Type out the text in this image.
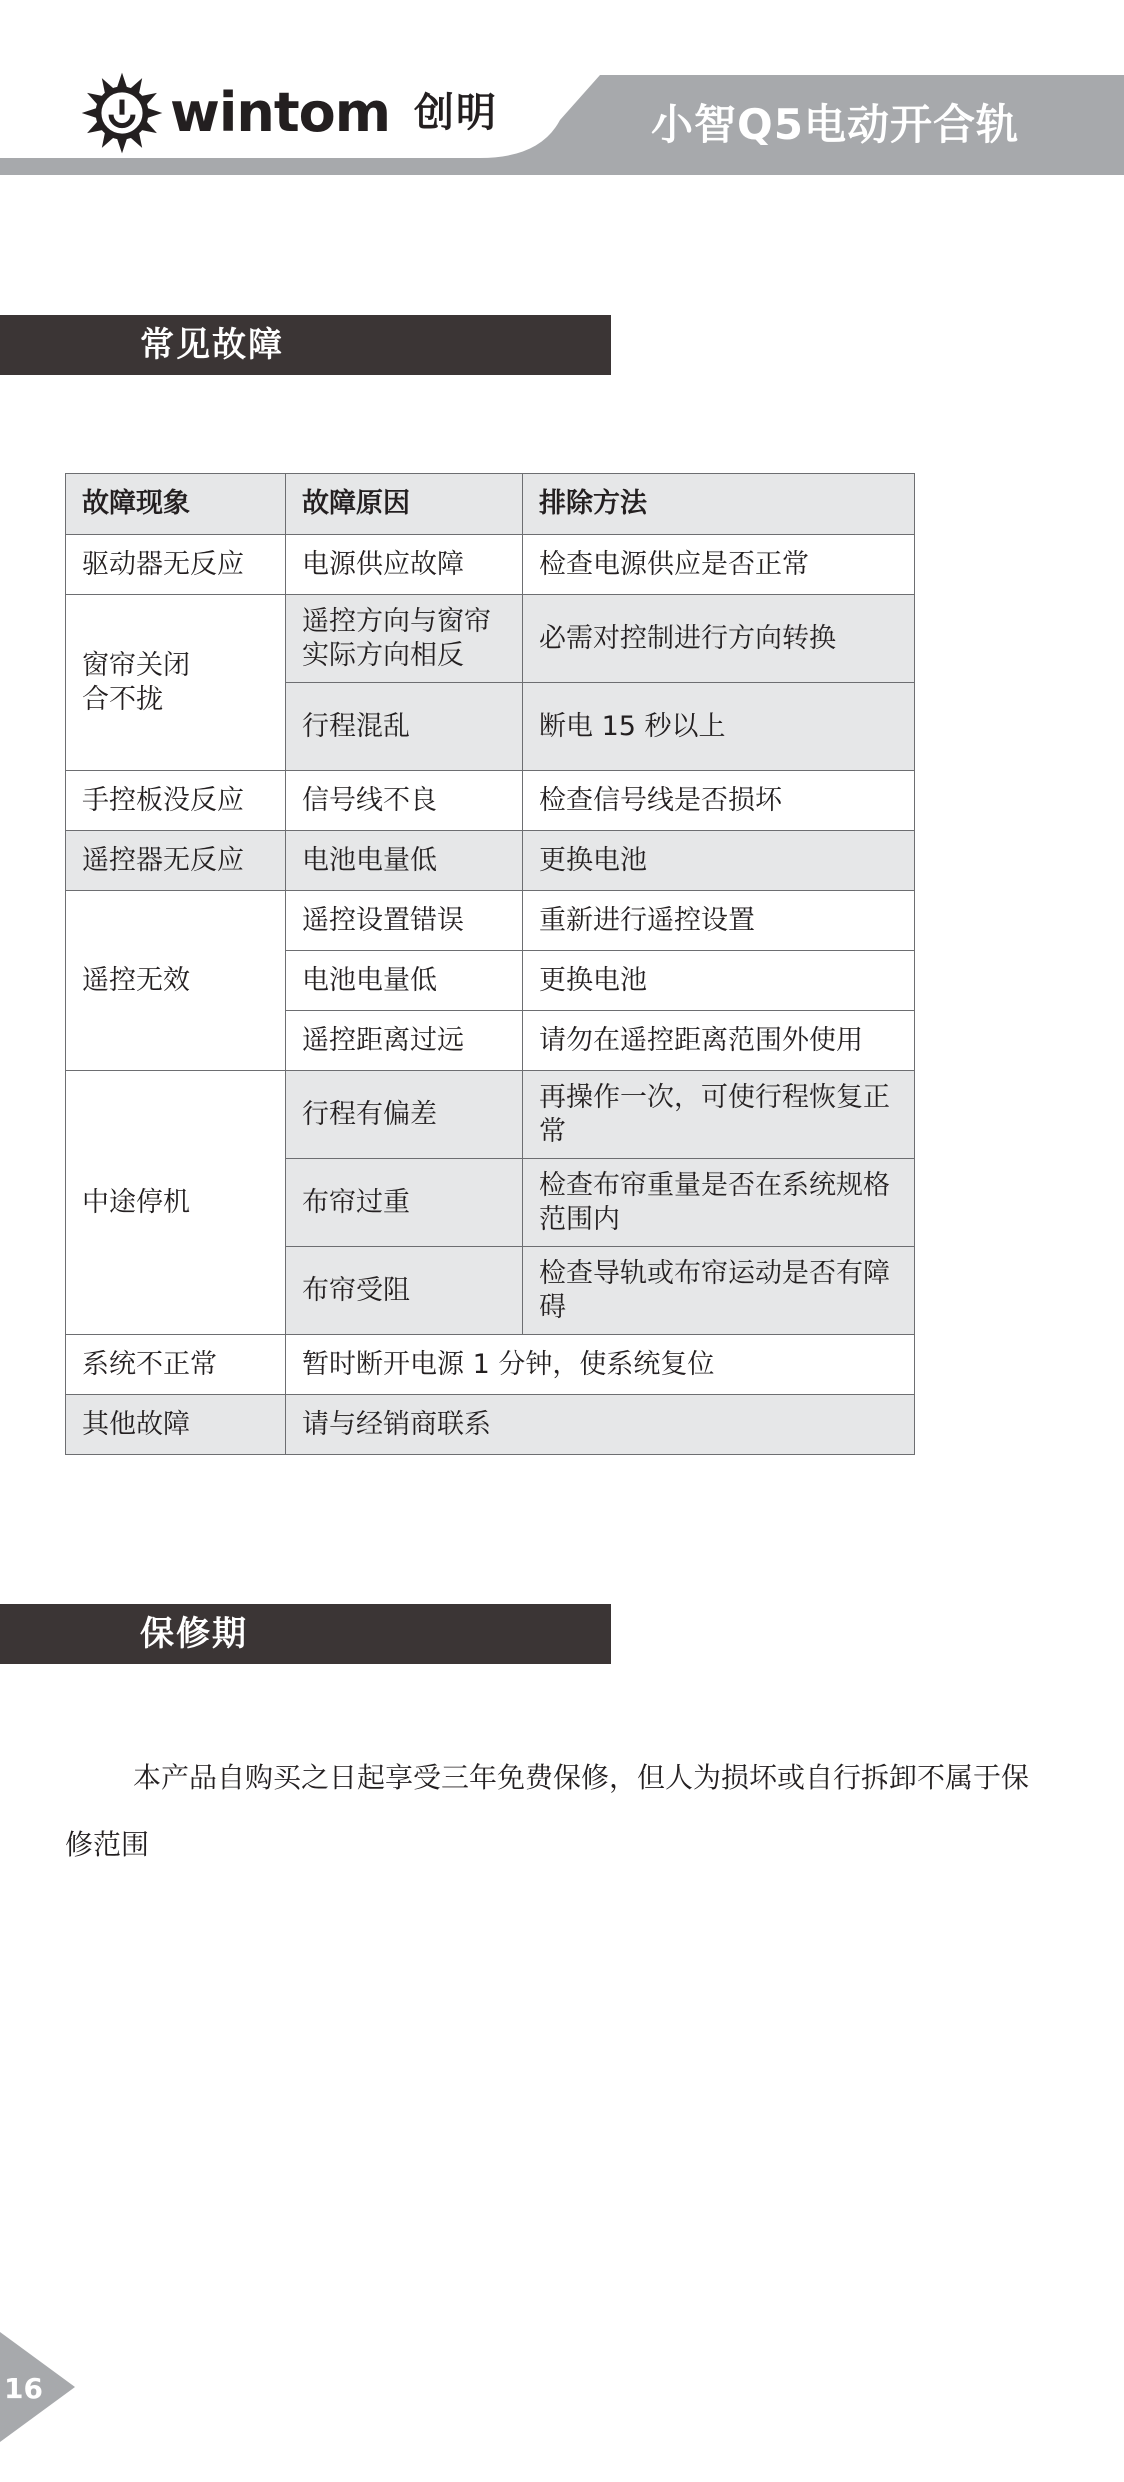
wintom 创明	小智Q5电动开合轨
常见故障
故障现象	故障原因	排除方法
驱动器无反应	电源供应故障	检查电源供应是否正常

窗帘关闭合不拢	遥控方向与窗帘实际方向相反	必需对控制进行方向转换
	行程混乱	断电 15 秒以上
手控板没反应	信号线不良	检查信号线是否损坏
遥控器无反应	电池电量低	更换电池
遥控无效	遥控设置错误	重新进行遥控设置
	电池电量低	更换电池
	遥控距离过远	请勿在遥控距离范围外使用
中途停机	行程有偏差	再操作一次，可使行程恢复正常
	布帘过重	检查布帘重量是否在系统规格范围内
	布帘受阻	检查导轨或布帘运动是否有障碍
系统不正常	暂时断开电源 1 分钟，使系统复位	
其他故障	请与经销商联系	
保修期

本产品自购买之日起享受三年免费保修，但人为损坏或自行拆卸不属于保修范围

16
